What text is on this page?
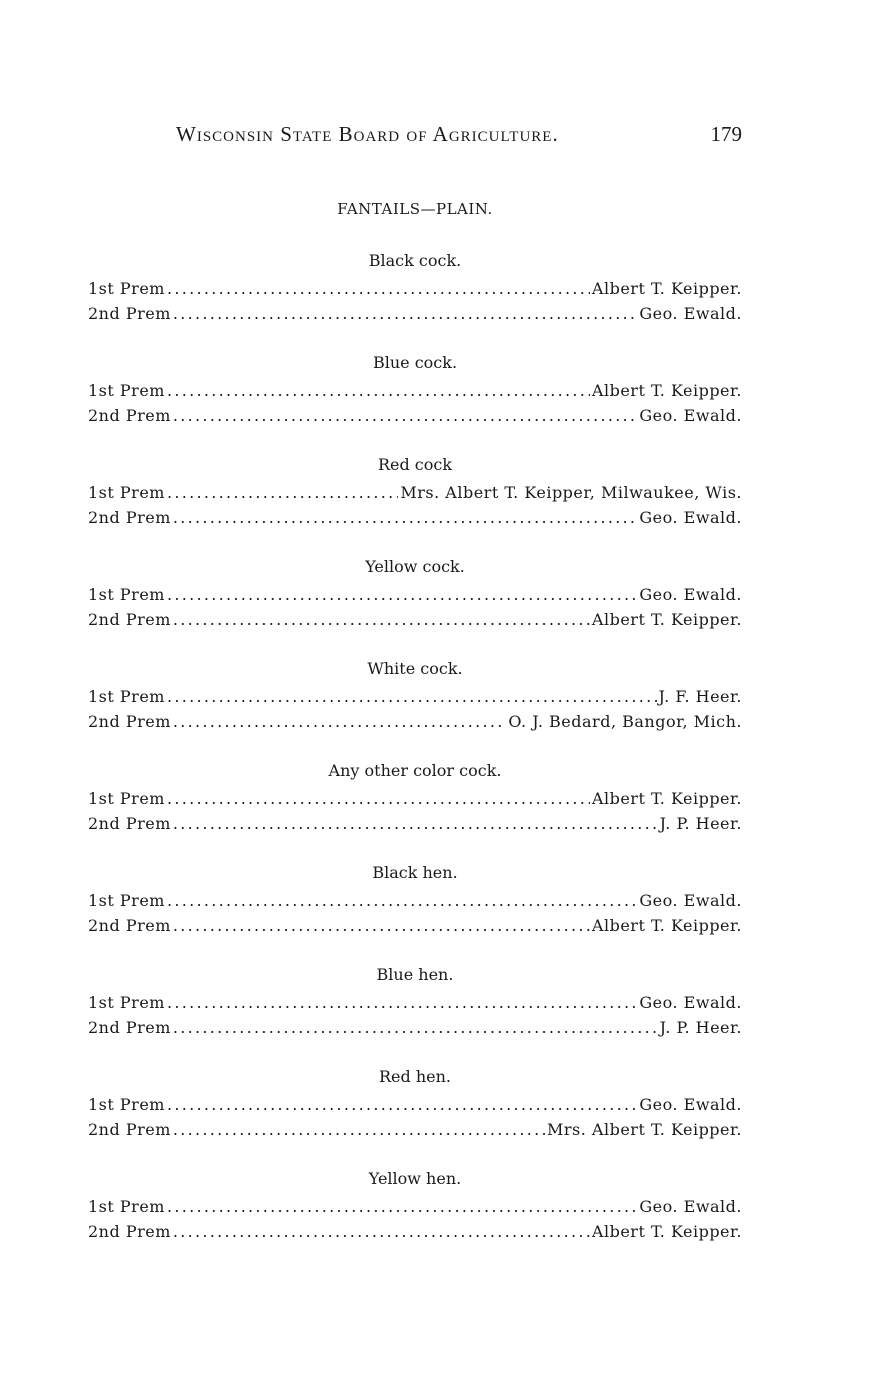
Wisconsin State Board of Agriculture.	179
FANTAILS—PLAIN.
Black cock.
1st Prem . . .	Albert T. Keipper.
2nd Prem . . .	Geo. Ewald.
Blue cock.
1st Prem . . .	Albert T. Keipper.
2nd Prem . . .	Geo. Ewald.
Red cock
1st Prem . . .	Mrs. Albert T. Keipper, Milwaukee, Wis.
2nd Prem . . .	Geo. Ewald.
Yellow cock.
1st Prem . . .	Geo. Ewald.
2nd Prem . . .	Albert T. Keipper.
White cock.
1st Prem . . .	J. F. Heer.
2nd Prem . . .	O. J. Bedard, Bangor, Mich.
Any other color cock.
1st Prem . . .	Albert T. Keipper.
2nd Prem . . .	J. P. Heer.
Black hen.
1st Prem . . .	Geo. Ewald.
2nd Prem . . .	Albert T. Keipper.
Blue hen.
1st Prem . . .	Geo. Ewald.
2nd Prem . . .	J. P. Heer.
Red hen.
1st Prem . . .	Geo. Ewald.
2nd Prem . . .	Mrs. Albert T. Keipper.
Yellow hen.
1st Prem . . .	Geo. Ewald.
2nd Prem . . .	Albert T. Keipper.
